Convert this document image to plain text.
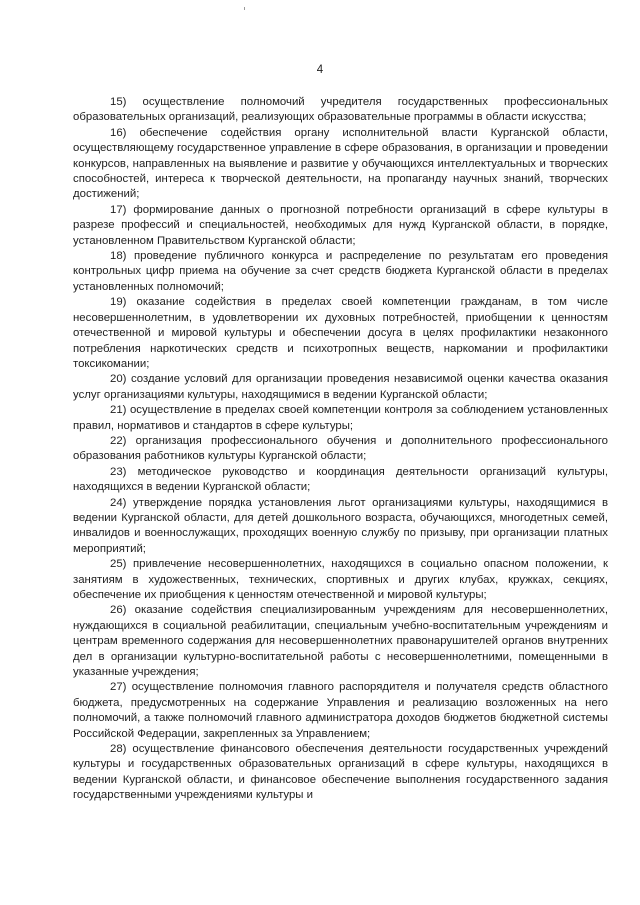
4

15) осуществление полномочий учредителя государственных профессиональных образовательных организаций, реализующих образовательные программы в области искусства;

16) обеспечение содействия органу исполнительной власти Курганской области, осуществляющему государственное управление в сфере образования, в организации и проведении конкурсов, направленных на выявление и развитие у обучающихся интеллектуальных и творческих способностей, интереса к творческой деятельности, на пропаганду научных знаний, творческих достижений;

17) формирование данных о прогнозной потребности организаций в сфере культуры в разрезе профессий и специальностей, необходимых для нужд Курганской области, в порядке, установленном Правительством Курганской области;

18) проведение публичного конкурса и распределение по результатам его проведения контрольных цифр приема на обучение за счет средств бюджета Курганской области в пределах установленных полномочий;

19) оказание содействия в пределах своей компетенции гражданам, в том числе несовершеннолетним, в удовлетворении их духовных потребностей, приобщении к ценностям отечественной и мировой культуры и обеспечении досуга в целях профилактики незаконного потребления наркотических средств и психотропных веществ, наркомании и профилактики токсикомании;

20) создание условий для организации проведения независимой оценки качества оказания услуг организациями культуры, находящимися в ведении Курганской области;

21) осуществление в пределах своей компетенции контроля за соблюдением установленных правил, нормативов и стандартов в сфере культуры;

22) организация профессионального обучения и дополнительного профессионального образования работников культуры Курганской области;

23) методическое руководство и координация деятельности организаций культуры, находящихся в ведении Курганской области;

24) утверждение порядка установления льгот организациями культуры, находящимися в ведении Курганской области, для детей дошкольного возраста, обучающихся, многодетных семей, инвалидов и военнослужащих, проходящих военную службу по призыву, при организации платных мероприятий;

25) привлечение несовершеннолетних, находящихся в социально опасном положении, к занятиям в художественных, технических, спортивных и других клубах, кружках, секциях, обеспечение их приобщения к ценностям отечественной и мировой культуры;

26) оказание содействия специализированным учреждениям для несовершеннолетних, нуждающихся в социальной реабилитации, специальным учебно-воспитательным учреждениям и центрам временного содержания для несовершеннолетних правонарушителей органов внутренних дел в организации культурно-воспитательной работы с несовершеннолетними, помещенными в указанные учреждения;

27) осуществление полномочия главного распорядителя и получателя средств областного бюджета, предусмотренных на содержание Управления и реализацию возложенных на него полномочий, а также полномочий главного администратора доходов бюджетов бюджетной системы Российской Федерации, закрепленных за Управлением;

28) осуществление финансового обеспечения деятельности государственных учреждений культуры и государственных образовательных организаций в сфере культуры, находящихся в ведении Курганской области, и финансовое обеспечение выполнения государственного задания государственными учреждениями культуры и
